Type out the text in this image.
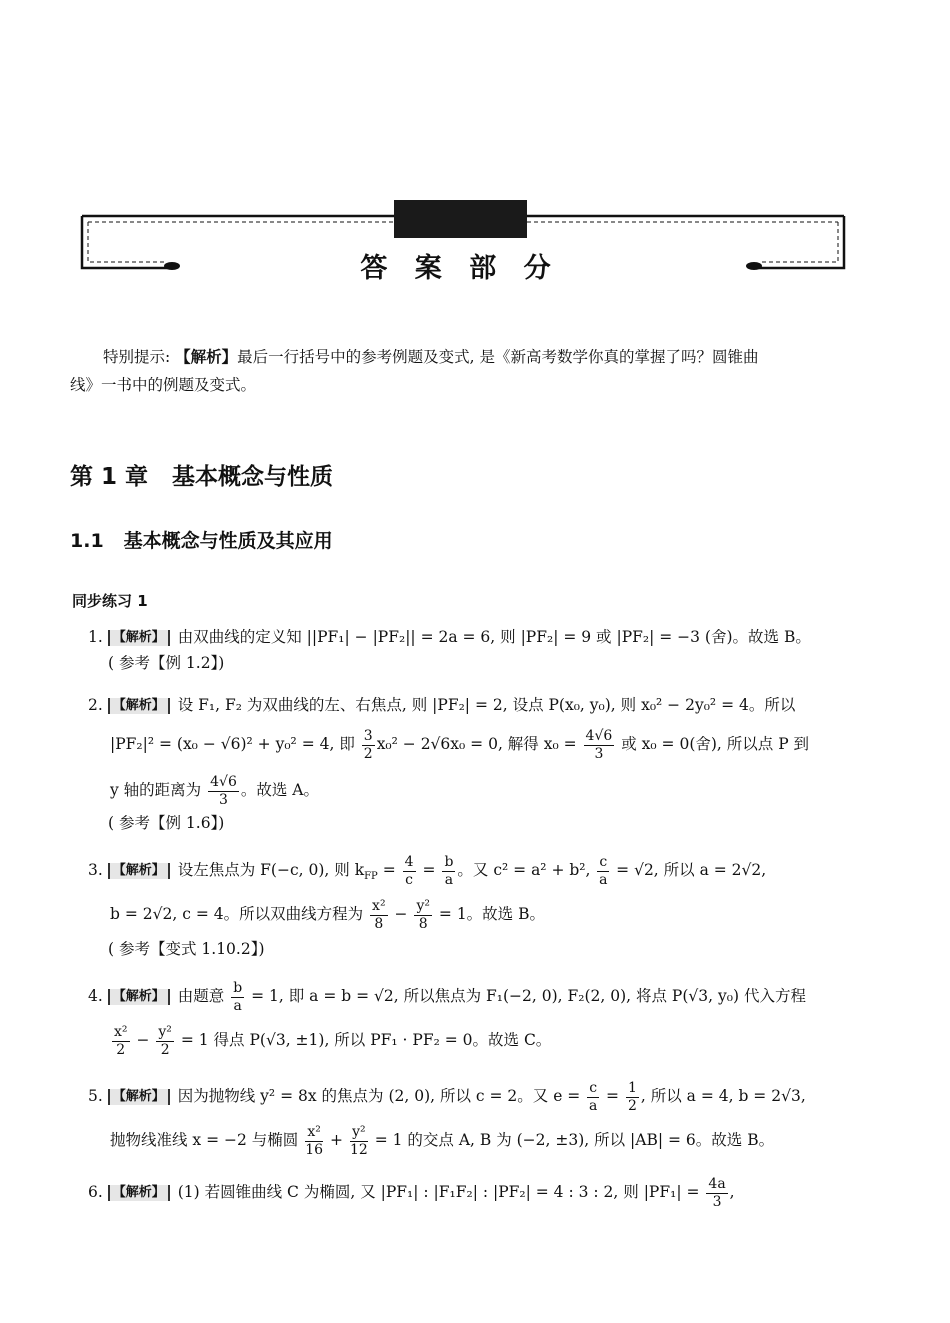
答 案 部 分
特别提示: 【解析】最后一行括号中的参考例题及变式, 是《新高考数学你真的掌握了吗？圆锥曲
线》一书中的例题及变式。
第 1 章 基本概念与性质
1.1 基本概念与性质及其应用
同步练习 1
1. 【解析】 由双曲线的定义知 ||PF₁| − |PF₂|| = 2a = 6, 则 |PF₂| = 9 或 |PF₂| = −3 (舍)。故选 B。
( 参考【例 1.2】)
2. 【解析】 设 F₁, F₂ 为双曲线的左、右焦点, 则 |PF₂| = 2, 设点 P(x₀, y₀), 则 x₀² − 2y₀² = 4。所以
|PF₂|² = (x₀ − √6)² + y₀² = 4, 即 $\frac{3}{2} x_0^2 - 2√6x_0 = 0$, 解得 $x_0 = \frac{4√6}{3}$ 或 x₀ = 0(舍), 所以点 P 到
y 轴的距离为 $\frac{4√6}{3}$ 。故选 A。
( 参考【例 1.6】)
3. 【解析】 设左焦点为 F(−c, 0), 则 $k_{FP} = \frac{4}{c} = \frac{b}{a}$ 。又 c² = a² + b², $\frac{c}{a} = √2$, 所以 a = 2√2,
b = 2√2, c = 4。所以双曲线方程为 $\frac{\text{x²}}{8} - \frac{\text{y²}}{8} = 1$。故选 B。
( 参考【变式 1.10.2】)
4. 【解析】 由题意 $\frac{b}{a} = 1$, 即 a = b = √2, 所以焦点为 F₁(−2, 0), F₂(2, 0), 将点 P(√3, y₀) 代入方程
$\frac{\text{x²}}{2} - \frac{\text{y²}}{2} = 1$ 得点 P(√3, ±1), 所以 PF₁ · PF₂ = 0。故选 C。
5. 【解析】 因为抛物线 y² = 8x 的焦点为 (2, 0), 所以 c = 2。又 $e = \frac{c}{a} = \frac{1}{2}$ , 所以 a = 4, b = 2√3,
抛物线准线 x = −2 与椭圆 $\frac{\text{x²}}{16} + \frac{\text{y²}}{12} = 1$ 的交点 A, B 为 (−2, ±3), 所以 |AB| = 6。故选 B。
6. 【解析】 (1) 若圆锥曲线 C 为椭圆, 又 |PF₁| : |F₁F₂| : |PF₂| = 4 : 3 : 2, 则 $|PF_1| = \frac{4a}{3}$ ,
